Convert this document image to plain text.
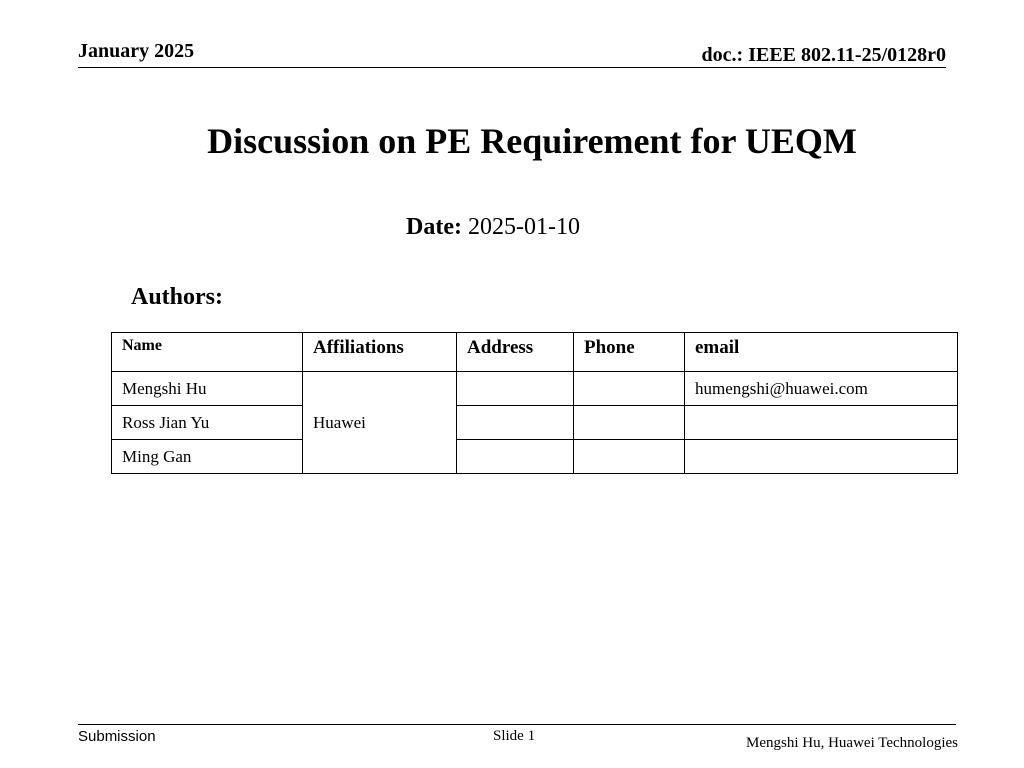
January 2025	doc.: IEEE 802.11-25/0128r0
Discussion on PE Requirement for UEQM
Date: 2025-01-10
Authors:
Name	Affiliations	Address	Phone	email
Mengshi Hu	Huawei			humengshi@huawei.com
Ross Jian Yu				
Ming Gan				
Submission	Slide 1	Mengshi Hu, Huawei Technologies
